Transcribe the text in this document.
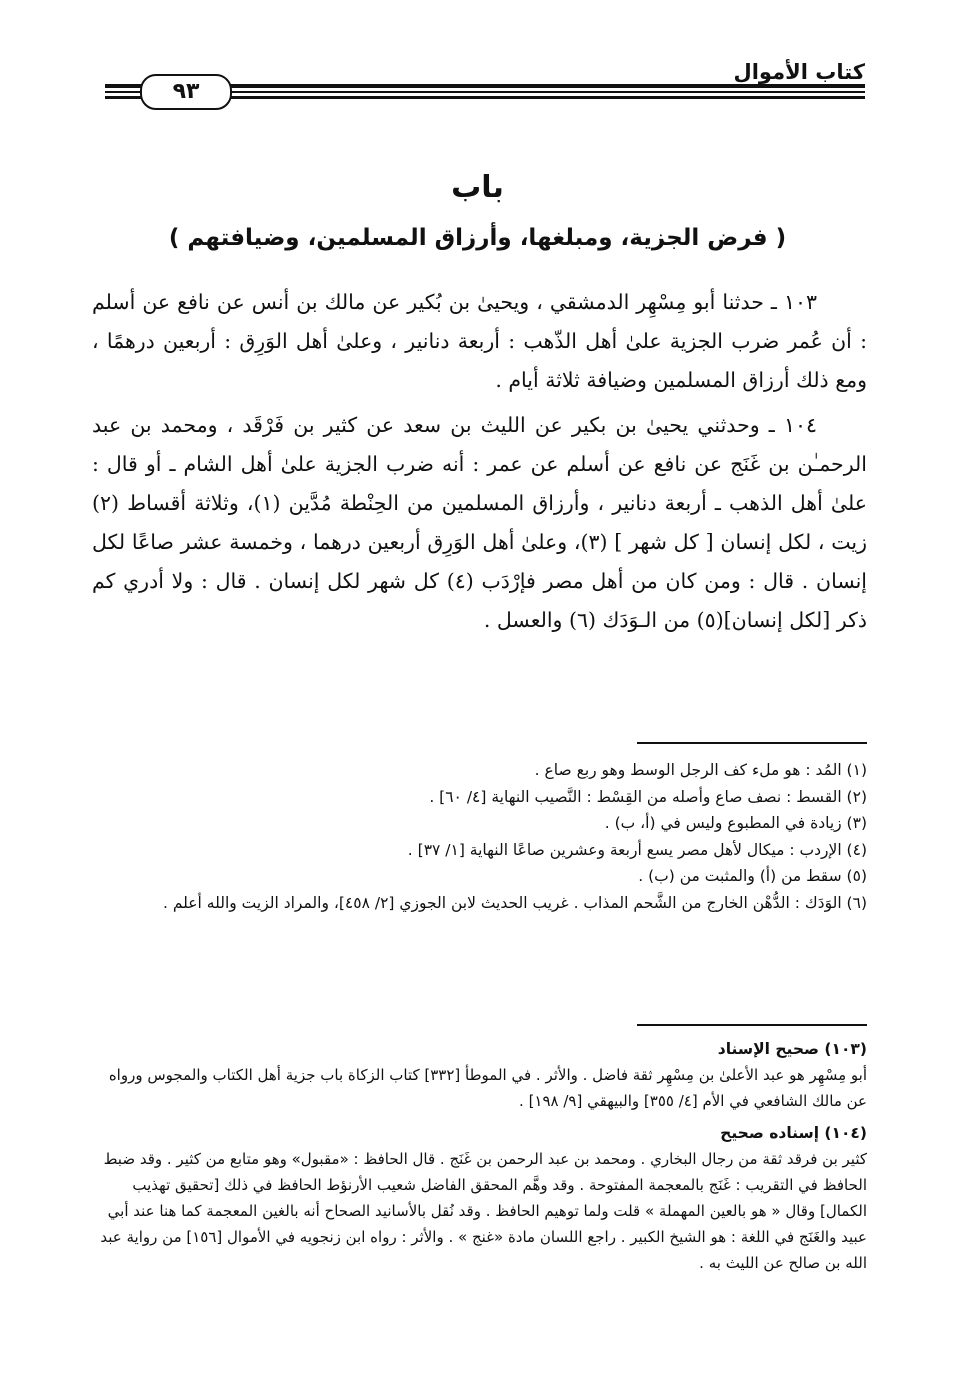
كتاب الأموال
٩٣
باب
( فرض الجزية، ومبلغها، وأرزاق المسلمين، وضيافتهم )

١٠٣ ـ حدثنا أبو مِسْهِر الدمشقي ، ويحيىٰ بن بُكير عن مالك بن أنس عن نافع عن أسلم : أن عُمر ضرب الجزية علىٰ أهل الذّهب : أربعة دنانير ، وعلىٰ أهل الوَرِق : أربعين درهمًا ، ومع ذلك أرزاق المسلمين وضيافة ثلاثة أيام .

١٠٤ ـ وحدثني يحيىٰ بن بكير عن الليث بن سعد عن كثير بن فَرْقَد ، ومحمد بن عبد الرحمـٰن بن غَنَج عن نافع عن أسلم عن عمر : أنه ضرب الجزية علىٰ أهل الشام ـ أو قال : علىٰ أهل الذهب ـ أربعة دنانير ، وأرزاق المسلمين من الحِنْطة مُدَّين (١)، وثلاثة أقساط (٢) زيت ، لكل إنسان [ كل شهر ] (٣)، وعلىٰ أهل الوَرِق أربعين درهما ، وخمسة عشر صاعًا لكل إنسان . قال : ومن كان من أهل مصر فإرْدَب (٤) كل شهر لكل إنسان . قال : ولا أدري كم ذكر [لكل إنسان](٥) من الـوَدَك (٦) والعسل .

(١) المُد : هو ملء كف الرجل الوسط وهو ربع صاع .

(٢) القسط : نصف صاع وأصله من القِسْط : النَّصيب النهاية [٤/ ٦٠] .

(٣) زيادة في المطبوع وليس في (أ، ب) .

(٤) الإردب : ميكال لأهل مصر يسع أربعة وعشرين صاعًا النهاية [١/ ٣٧] .

(٥) سقط من (أ) والمثبت من (ب) .

(٦) الوَدَك : الدُّهْن الخارج من الشَّحم المذاب . غريب الحديث لابن الجوزي [٢/ ٤٥٨]، والمراد الزيت والله أعلم .

(١٠٣) صحيح الإسناد

أبو مِسْهِر هو عبد الأعلىٰ بن مِسْهِر ثقة فاضل . والأثر . في الموطأ [٣٣٢] كتاب الزكاة باب جزية أهل الكتاب والمجوس ورواه عن مالك الشافعي في الأم [٤/ ٣٥٥] والبيهقي [٩/ ١٩٨] .

(١٠٤) إسناده صحيح

كثير بن فرقد ثقة من رجال البخاري . ومحمد بن عبد الرحمن بن غَنَج . قال الحافظ : «مقبول» وهو متابع من كثير . وقد ضبط الحافظ في التقريب : غَنَج بالمعجمة المفتوحة . وقد وهَّم المحقق الفاضل شعيب الأرنؤط الحافظ في ذلك [تحقيق تهذيب الكمال] وقال « هو بالعين المهملة » قلت ولما توهيم الحافظ . وقد نُقل بالأسانيد الصحاح أنه بالغين المعجمة كما هنا عند أبي عبيد والغَنَج في اللغة : هو الشيخ الكبير . راجع اللسان مادة «غنج » . والأثر : رواه ابن زنجويه في الأموال [١٥٦] من رواية عبد الله بن صالح عن الليث به .
